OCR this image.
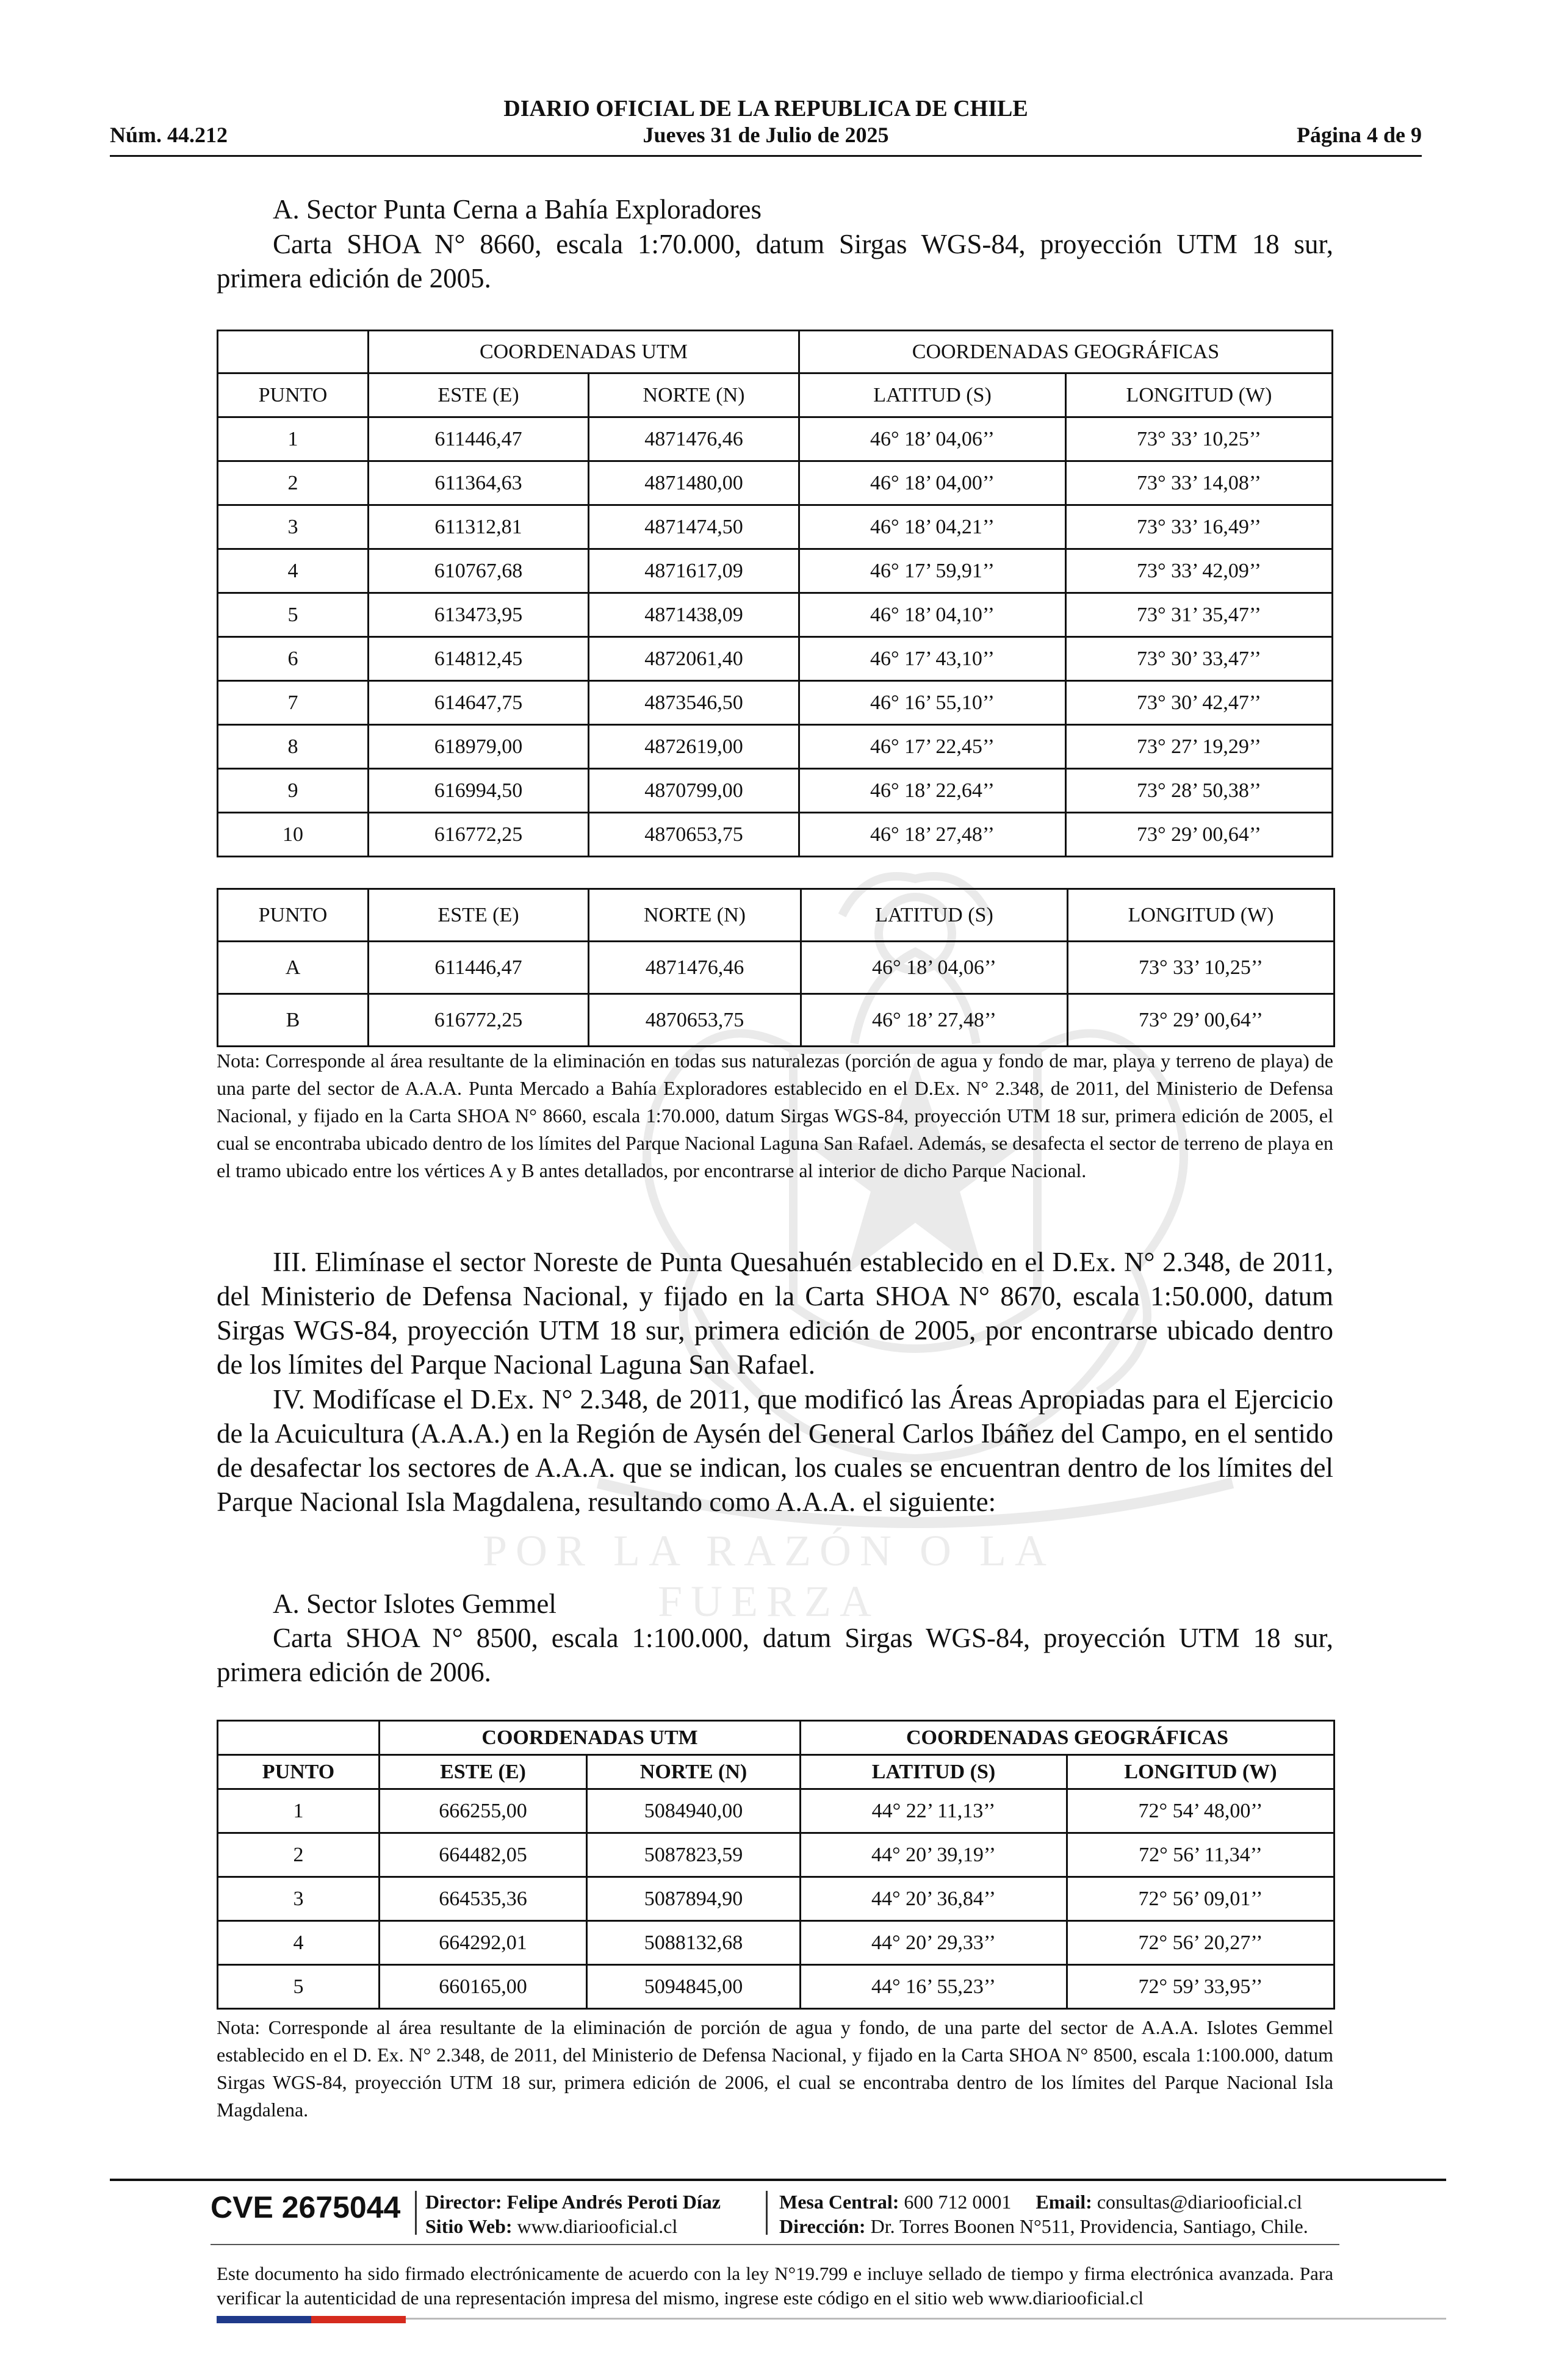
POR LA RAZÓN O LA FUERZA
DIARIO OFICIAL DE LA REPUBLICA DE CHILE
Núm. 44.212	Jueves 31 de Julio de 2025	Página 4 de 9
A. Sector Punta Cerna a Bahía Exploradores
Carta SHOA N° 8660, escala 1:70.000, datum Sirgas WGS-84, proyección UTM 18 sur, primera edición de 2005.
	COORDENADAS UTM		COORDENADAS GEOGRÁFICAS	
PUNTO	ESTE (E)	NORTE (N)	LATITUD (S)	LONGITUD (W)
1	611446,47	4871476,46	46° 18’ 04,06’’	73° 33’ 10,25’’
2	611364,63	4871480,00	46° 18’ 04,00’’	73° 33’ 14,08’’
3	611312,81	4871474,50	46° 18’ 04,21’’	73° 33’ 16,49’’
4	610767,68	4871617,09	46° 17’ 59,91’’	73° 33’ 42,09’’
5	613473,95	4871438,09	46° 18’ 04,10’’	73° 31’ 35,47’’
6	614812,45	4872061,40	46° 17’ 43,10’’	73° 30’ 33,47’’
7	614647,75	4873546,50	46° 16’ 55,10’’	73° 30’ 42,47’’
8	618979,00	4872619,00	46° 17’ 22,45’’	73° 27’ 19,29’’
9	616994,50	4870799,00	46° 18’ 22,64’’	73° 28’ 50,38’’
10	616772,25	4870653,75	46° 18’ 27,48’’	73° 29’ 00,64’’
PUNTO	ESTE (E)	NORTE (N)	LATITUD (S)	LONGITUD (W)
A	611446,47	4871476,46	46° 18’ 04,06’’	73° 33’ 10,25’’
B	616772,25	4870653,75	46° 18’ 27,48’’	73° 29’ 00,64’’
Nota: Corresponde al área resultante de la eliminación en todas sus naturalezas (porción de agua y fondo de mar, playa y terreno de playa) de una parte del sector de A.A.A. Punta Mercado a Bahía Exploradores establecido en el D.Ex. N° 2.348, de 2011, del Ministerio de Defensa Nacional, y fijado en la Carta SHOA N° 8660, escala 1:70.000, datum Sirgas WGS-84, proyección UTM 18 sur, primera edición de 2005, el cual se encontraba ubicado dentro de los límites del Parque Nacional Laguna San Rafael. Además, se desafecta el sector de terreno de playa en el tramo ubicado entre los vértices A y B antes detallados, por encontrarse al interior de dicho Parque Nacional.
III. Elimínase el sector Noreste de Punta Quesahuén establecido en el D.Ex. N° 2.348, de 2011, del Ministerio de Defensa Nacional, y fijado en la Carta SHOA N° 8670, escala 1:50.000, datum Sirgas WGS-84, proyección UTM 18 sur, primera edición de 2005, por encontrarse ubicado dentro de los límites del Parque Nacional Laguna San Rafael.
IV. Modifícase el D.Ex. N° 2.348, de 2011, que modificó las Áreas Apropiadas para el Ejercicio de la Acuicultura (A.A.A.) en la Región de Aysén del General Carlos Ibáñez del Campo, en el sentido de desafectar los sectores de A.A.A. que se indican, los cuales se encuentran dentro de los límites del Parque Nacional Isla Magdalena, resultando como A.A.A. el siguiente:
A. Sector Islotes Gemmel
Carta SHOA N° 8500, escala 1:100.000, datum Sirgas WGS-84, proyección UTM 18 sur, primera edición de 2006.
	COORDENADAS UTM		COORDENADAS GEOGRÁFICAS	
PUNTO	ESTE (E)	NORTE (N)	LATITUD (S)	LONGITUD (W)
1	666255,00	5084940,00	44° 22’ 11,13’’	72° 54’ 48,00’’
2	664482,05	5087823,59	44° 20’ 39,19’’	72° 56’ 11,34’’
3	664535,36	5087894,90	44° 20’ 36,84’’	72° 56’ 09,01’’
4	664292,01	5088132,68	44° 20’ 29,33’’	72° 56’ 20,27’’
5	660165,00	5094845,00	44° 16’ 55,23’’	72° 59’ 33,95’’
Nota: Corresponde al área resultante de la eliminación de porción de agua y fondo, de una parte del sector de A.A.A. Islotes Gemmel establecido en el D. Ex. N° 2.348, de 2011, del Ministerio de Defensa Nacional, y fijado en la Carta SHOA N° 8500, escala 1:100.000, datum Sirgas WGS-84, proyección UTM 18 sur, primera edición de 2006, el cual se encontraba dentro de los límites del Parque Nacional Isla Magdalena.
CVE 2675044 Director: Felipe Andrés Peroti Díaz
Sitio Web: www.diariooficial.cl
Mesa Central: 600 712 0001 Email: consultas@diariooficial.cl
Dirección: Dr. Torres Boonen N°511, Providencia, Santiago, Chile.
Este documento ha sido firmado electrónicamente de acuerdo con la ley N°19.799 e incluye sellado de tiempo y firma electrónica avanzada. Para verificar la autenticidad de una representación impresa del mismo, ingrese este código en el sitio web www.diariooficial.cl
